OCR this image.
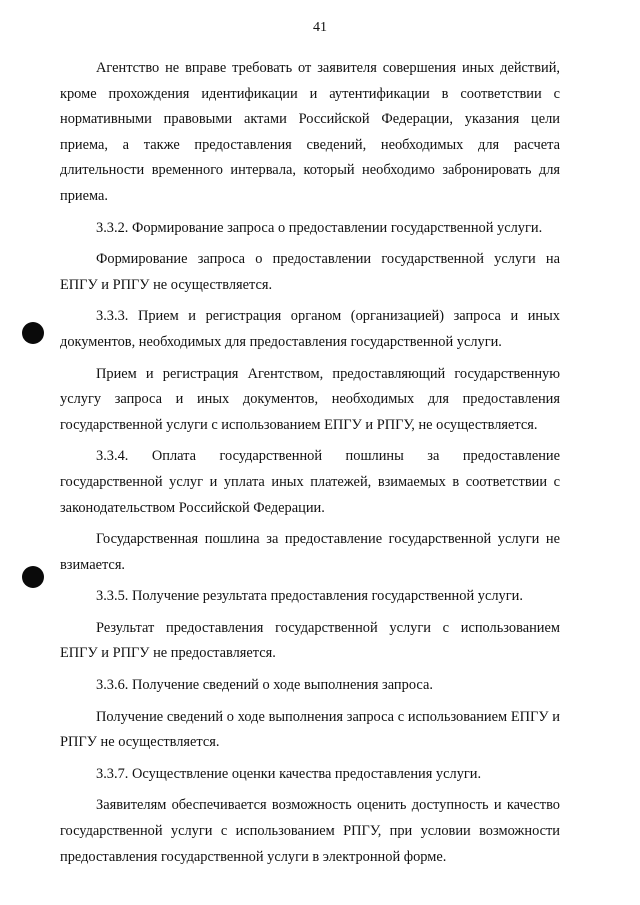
41

Агентство не вправе требовать от заявителя совершения иных действий, кроме прохождения идентификации и аутентификации в соответствии с нормативными правовыми актами Российской Федерации, указания цели приема, а также предоставления сведений, необходимых для расчета длительности временного интервала, который необходимо забронировать для приема.

3.3.2. Формирование запроса о предоставлении государственной услуги.

Формирование запроса о предоставлении государственной услуги на ЕПГУ и РПГУ не осуществляется.

3.3.3. Прием и регистрация органом (организацией) запроса и иных документов, необходимых для предоставления государственной услуги.

Прием и регистрация Агентством, предоставляющий государственную услугу запроса и иных документов, необходимых для предоставления государственной услуги с использованием ЕПГУ и РПГУ, не осуществляется.

3.3.4. Оплата государственной пошлины за предоставление государственной услуг и уплата иных платежей, взимаемых в соответствии с законодательством Российской Федерации.

Государственная пошлина за предоставление государственной услуги не взимается.

3.3.5. Получение результата предоставления государственной услуги.

Результат предоставления государственной услуги с использованием ЕПГУ и РПГУ не предоставляется.

3.3.6. Получение сведений о ходе выполнения запроса.

Получение сведений о ходе выполнения запроса с использованием ЕПГУ и РПГУ не осуществляется.

3.3.7. Осуществление оценки качества предоставления услуги.

Заявителям обеспечивается возможность оценить доступность и качество государственной услуги с использованием РПГУ, при условии возможности предоставления государственной услуги в электронной форме.
